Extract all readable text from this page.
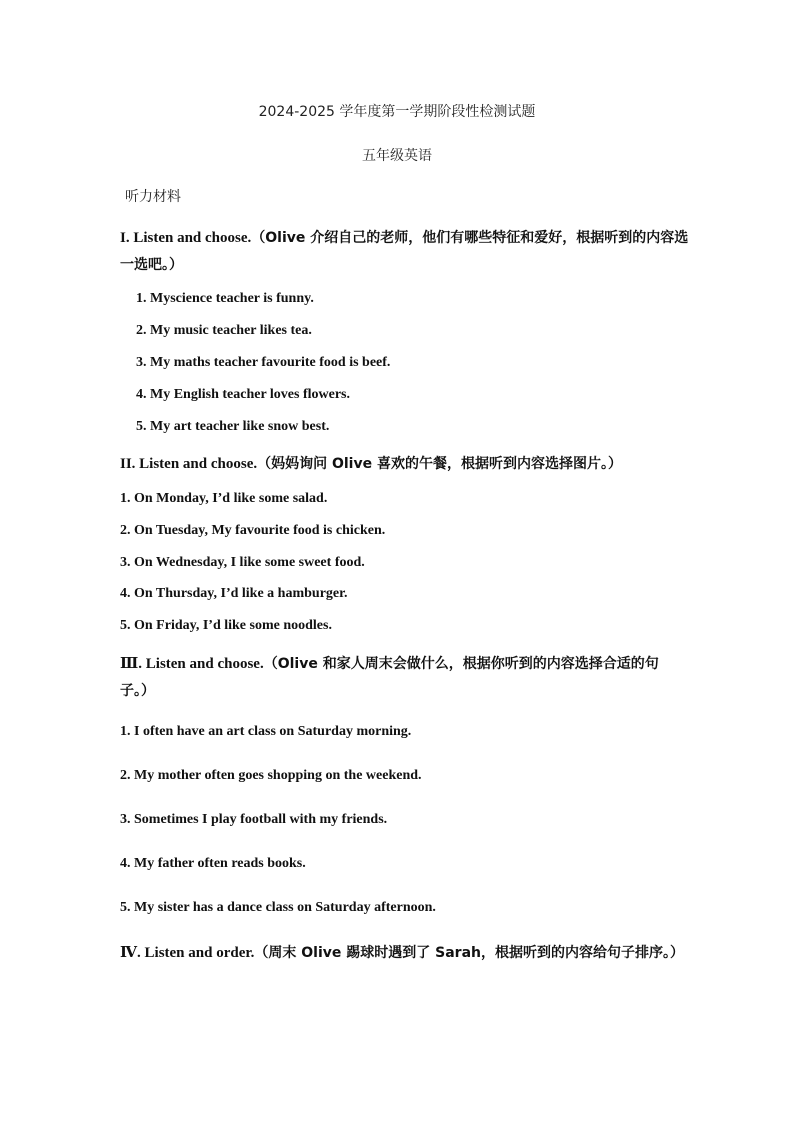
2024-2025 学年度第一学期阶段性检测试题
五年级英语
听力材料
I. Listen and choose.（Olive 介绍自己的老师，他们有哪些特征和爱好，根据听到的内容选一选吧。）
1. Myscience teacher is funny.
2. My music teacher likes tea.
3. My maths teacher favourite food is beef.
4. My English teacher loves flowers.
5. My art teacher like snow best.
II. Listen and choose.（妈妈询问 Olive 喜欢的午餐，根据听到内容选择图片。）
1. On Monday, I’d like some salad.
2. On Tuesday, My favourite food is chicken.
3. On Wednesday, I like some sweet food.
4. On Thursday, I’d like a hamburger.
5. On Friday, I’d like some noodles.
Ⅲ. Listen and choose.（Olive 和家人周末会做什么，根据你听到的内容选择合适的句子。）
1. I often have an art class on Saturday morning.
2. My mother often goes shopping on the weekend.
3. Sometimes I play football with my friends.
4. My father often reads books.
5. My sister has a dance class on Saturday afternoon.
Ⅳ. Listen and order.（周末 Olive 踢球时遇到了 Sarah，根据听到的内容给句子排序。）
